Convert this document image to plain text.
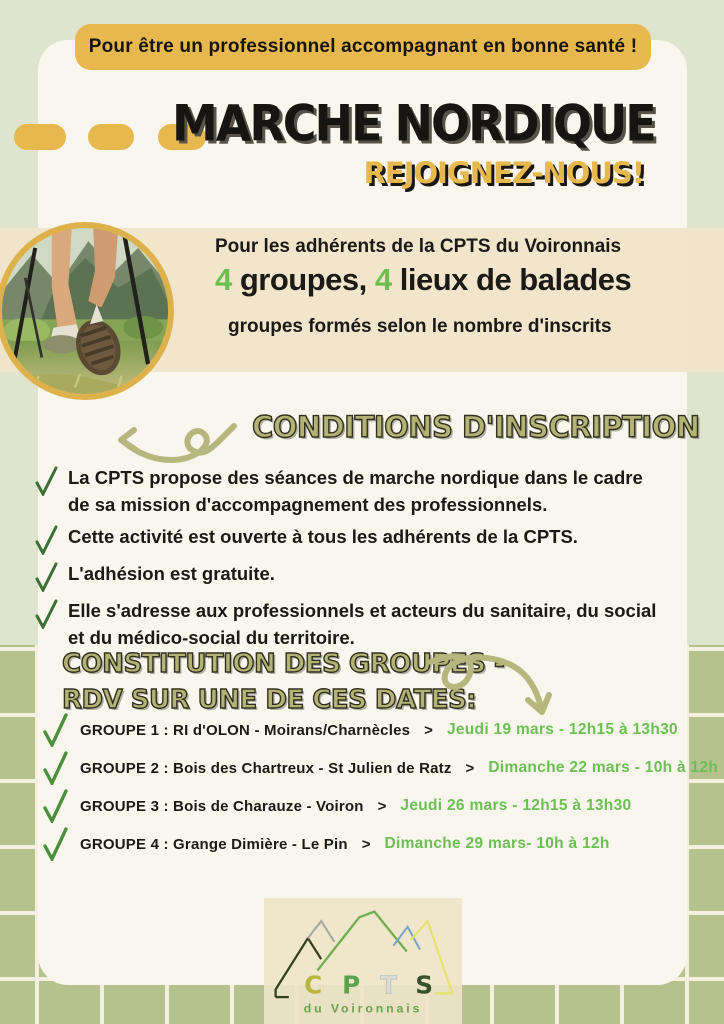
Pour être un professionnel accompagnant en bonne santé !
MARCHE NORDIQUE
REJOIGNEZ-NOUS!
Pour les adhérents de la CPTS du Voironnais
4 groupes, 4 lieux de balades
groupes formés selon le nombre d'inscrits
CONDITIONS D'INSCRIPTION
La CPTS propose des séances de marche nordique dans le cadre de sa mission d'accompagnement des professionnels.
Cette activité est ouverte à tous les adhérents de la CPTS.
L'adhésion est gratuite.
Elle s'adresse aux professionnels et acteurs du sanitaire, du social et du médico-social du territoire.
CONSTITUTION DES GROUPES -
RDV SUR UNE DE CES DATES:
GROUPE 1 : RI d'OLON - Moirans/Charnècles > Jeudi 19 mars - 12h15 à 13h30
GROUPE 2 : Bois des Chartreux - St Julien de Ratz > Dimanche 22 mars - 10h à 12h
GROUPE 3 : Bois de Charauze - Voiron > Jeudi 26 mars - 12h15 à 13h30
GROUPE 4 : Grange Dimière - Le Pin > Dimanche 29 mars- 10h à 12h
C P T S
du Voironnais
